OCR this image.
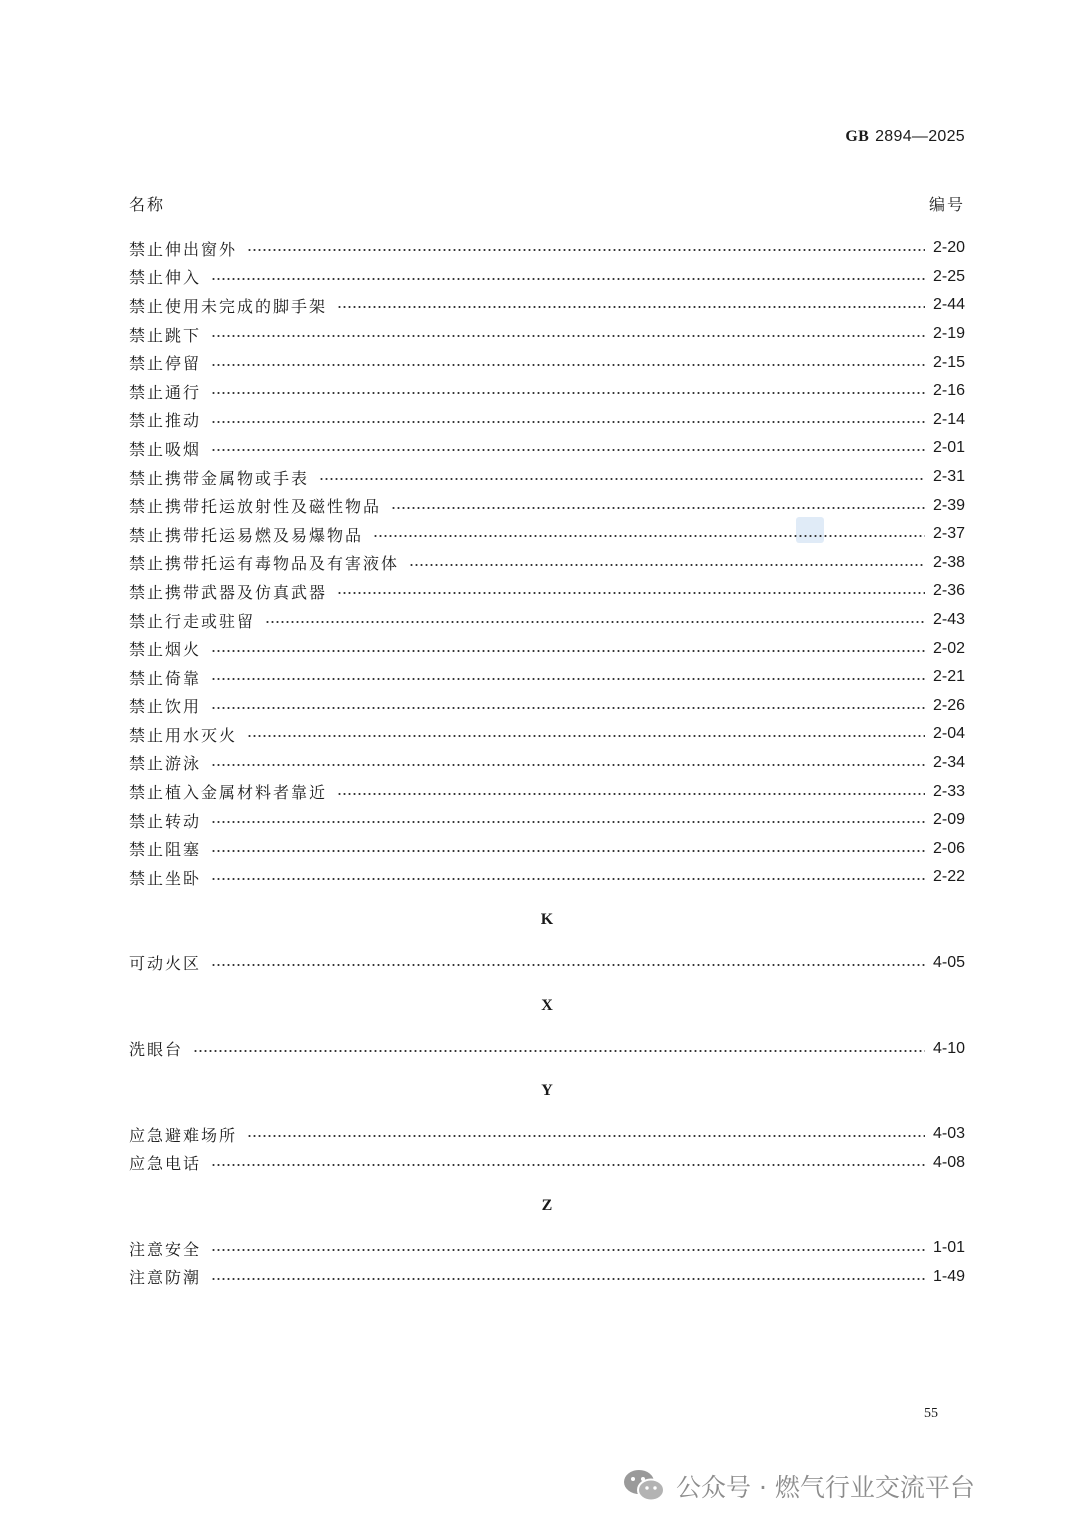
GB 2894—2025
名称	编号
禁止伸出窗外	2-20
禁止伸入	2-25
禁止使用未完成的脚手架	2-44
禁止跳下	2-19
禁止停留	2-15
禁止通行	2-16
禁止推动	2-14
禁止吸烟	2-01
禁止携带金属物或手表	2-31
禁止携带托运放射性及磁性物品	2-39
禁止携带托运易燃及易爆物品	2-37
禁止携带托运有毒物品及有害液体	2-38
禁止携带武器及仿真武器	2-36
禁止行走或驻留	2-43
禁止烟火	2-02
禁止倚靠	2-21
禁止饮用	2-26
禁止用水灭火	2-04
禁止游泳	2-34
禁止植入金属材料者靠近	2-33
禁止转动	2-09
禁止阻塞	2-06
禁止坐卧	2-22
K
可动火区	4-05
X
洗眼台	4-10
Y
应急避难场所	4-03
应急电话	4-08
Z
注意安全	1-01
注意防潮	1-49
55
公众号 · 燃气行业交流平台
